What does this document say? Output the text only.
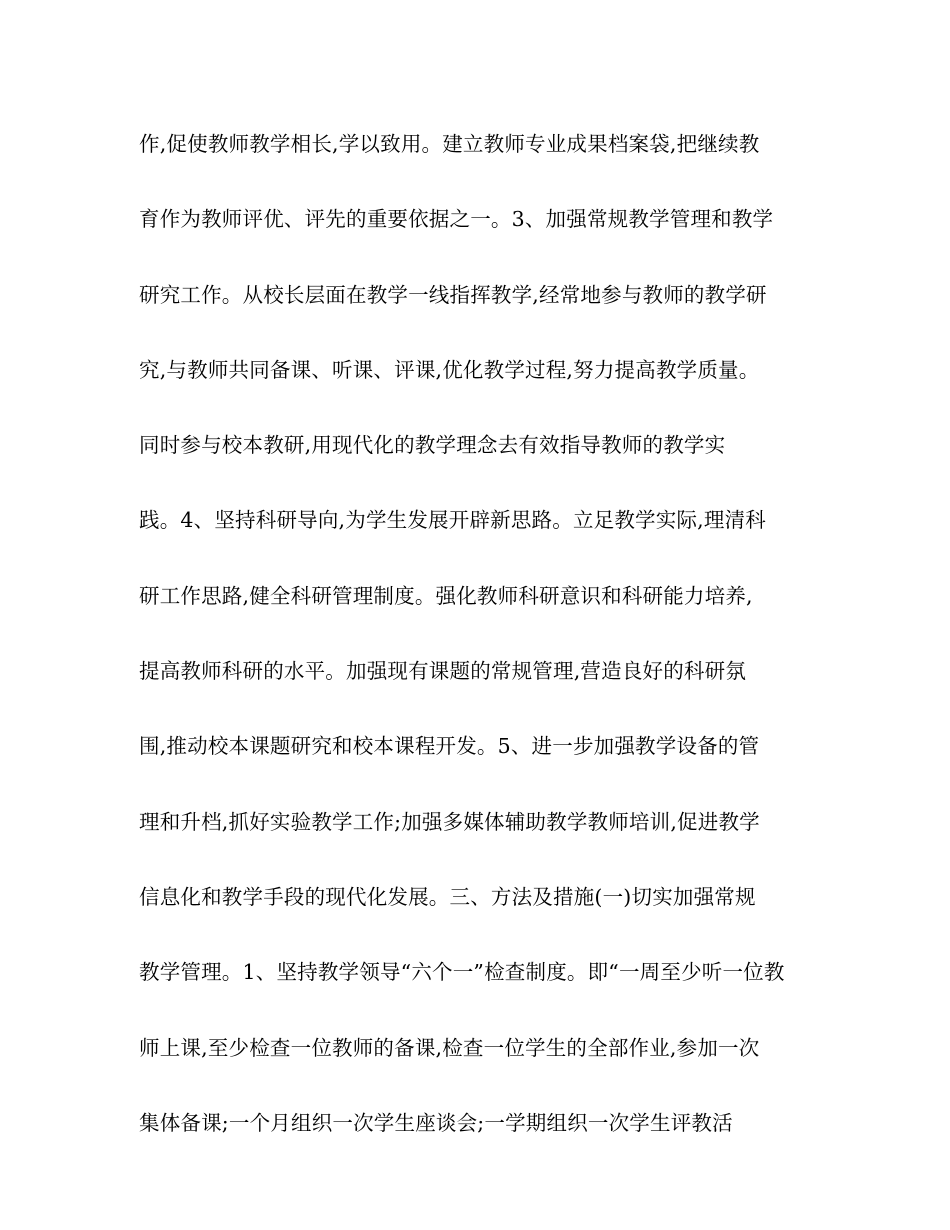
作,促使教师教学相长,学以致用。建立教师专业成果档案袋,把继续教
育作为教师评优、评先的重要依据之一。3、加强常规教学管理和教学
研究工作。从校长层面在教学一线指挥教学,经常地参与教师的教学研
究,与教师共同备课、听课、评课,优化教学过程,努力提高教学质量。
同时参与校本教研,用现代化的教学理念去有效指导教师的教学实
践。4、坚持科研导向,为学生发展开辟新思路。立足教学实际,理清科
研工作思路,健全科研管理制度。强化教师科研意识和科研能力培养,
提高教师科研的水平。加强现有课题的常规管理,营造良好的科研氛
围,推动校本课题研究和校本课程开发。5、进一步加强教学设备的管
理和升档,抓好实验教学工作;加强多媒体辅助教学教师培训,促进教学
信息化和教学手段的现代化发展。三、方法及措施(一)切实加强常规
教学管理。1、坚持教学领导“六个一”检查制度。即“一周至少听一位教
师上课,至少检查一位教师的备课,检查一位学生的全部作业,参加一次
集体备课;一个月组织一次学生座谈会;一学期组织一次学生评教活
